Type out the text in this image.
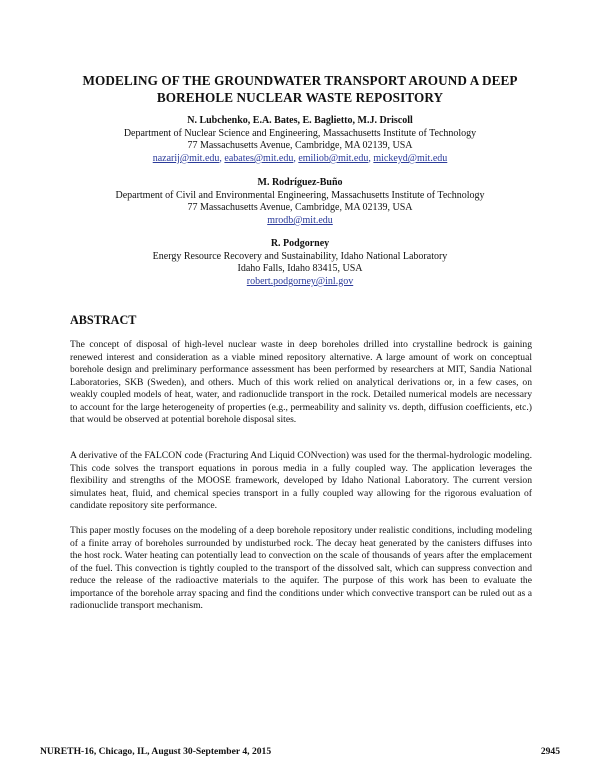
MODELING OF THE GROUNDWATER TRANSPORT AROUND A DEEP
BOREHOLE NUCLEAR WASTE REPOSITORY
N. Lubchenko, E.A. Bates, E. Baglietto, M.J. Driscoll
Department of Nuclear Science and Engineering, Massachusetts Institute of Technology
77 Massachusetts Avenue, Cambridge, MA 02139, USA
nazarij@mit.edu, eabates@mit.edu, emiliob@mit.edu, mickeyd@mit.edu
M. Rodríguez-Buño
Department of Civil and Environmental Engineering, Massachusetts Institute of Technology
77 Massachusetts Avenue, Cambridge, MA 02139, USA
mrodb@mit.edu
R. Podgorney
Energy Resource Recovery and Sustainability, Idaho National Laboratory
Idaho Falls, Idaho 83415, USA
robert.podgorney@inl.gov
ABSTRACT

The concept of disposal of high-level nuclear waste in deep boreholes drilled into crystalline bedrock is gaining renewed interest and consideration as a viable mined repository alternative. A large amount of work on conceptual borehole design and preliminary performance assessment has been performed by researchers at MIT, Sandia National Laboratories, SKB (Sweden), and others. Much of this work relied on analytical derivations or, in a few cases, on weakly coupled models of heat, water, and radionuclide transport in the rock. Detailed numerical models are necessary to account for the large heterogeneity of properties (e.g., permeability and salinity vs. depth, diffusion coefficients, etc.) that would be observed at potential borehole disposal sites.

A derivative of the FALCON code (Fracturing And Liquid CONvection) was used for the thermal-hydrologic modeling. This code solves the transport equations in porous media in a fully coupled way. The application leverages the flexibility and strengths of the MOOSE framework, developed by Idaho National Laboratory. The current version simulates heat, fluid, and chemical species transport in a fully coupled way allowing for the rigorous evaluation of candidate repository site performance.

This paper mostly focuses on the modeling of a deep borehole repository under realistic conditions, including modeling of a finite array of boreholes surrounded by undisturbed rock. The decay heat generated by the canisters diffuses into the host rock. Water heating can potentially lead to convection on the scale of thousands of years after the emplacement of the fuel. This convection is tightly coupled to the transport of the dissolved salt, which can suppress convection and reduce the release of the radioactive materials to the aquifer. The purpose of this work has been to evaluate the importance of the borehole array spacing and find the conditions under which convective transport can be ruled out as a radionuclide transport mechanism.

NURETH-16, Chicago, IL, August 30-September 4, 2015	2945
